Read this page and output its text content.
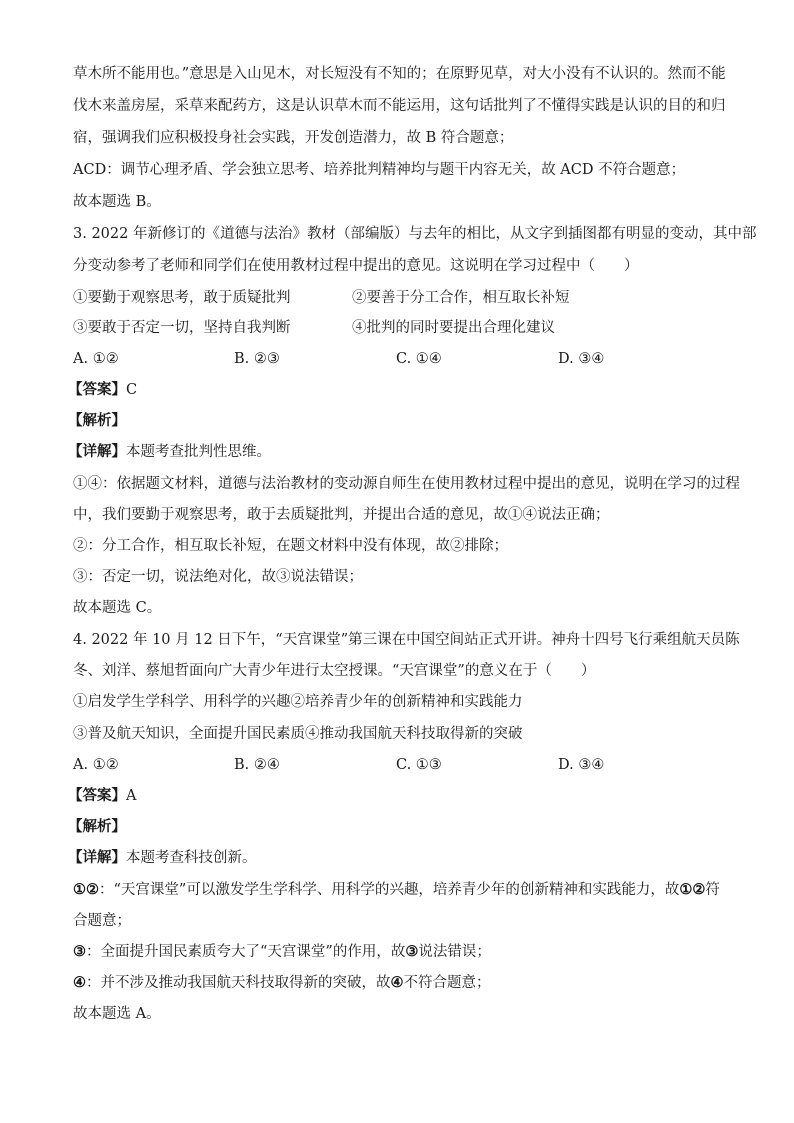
草木所不能用也。”意思是入山见木，对长短没有不知的；在原野见草，对大小没有不认识的。然而不能
伐木来盖房屋，采草来配药方，这是认识草木而不能运用，这句话批判了不懂得实践是认识的目的和归
宿，强调我们应积极投身社会实践，开发创造潜力，故 B 符合题意；
ACD：调节心理矛盾、学会独立思考、培养批判精神均与题干内容无关，故 ACD 不符合题意；
故本题选 B。
3. 2022 年新修订的《道德与法治》教材（部编版）与去年的相比，从文字到插图都有明显的变动，其中部
分变动参考了老师和同学们在使用教材过程中提出的意见。这说明在学习过程中（　　）
①要勤于观察思考，敢于质疑批判	②要善于分工合作，相互取长补短
③要敢于否定一切，坚持自我判断	④批判的同时要提出合理化建议
A. ①②	B. ②③	C. ①④	D. ③④
【答案】C
【解析】
【详解】本题考查批判性思维。
①④：依据题文材料，道德与法治教材的变动源自师生在使用教材过程中提出的意见，说明在学习的过程
中，我们要勤于观察思考，敢于去质疑批判，并提出合适的意见，故①④说法正确；
②：分工合作，相互取长补短，在题文材料中没有体现，故②排除；
③：否定一切，说法绝对化，故③说法错误；
故本题选 C。
4. 2022 年 10 月 12 日下午，“天宫课堂”第三课在中国空间站正式开讲。神舟十四号飞行乘组航天员陈
冬、刘洋、蔡旭哲面向广大青少年进行太空授课。“天宫课堂”的意义在于（　　）
①启发学生学科学、用科学的兴趣②培养青少年的创新精神和实践能力
③普及航天知识，全面提升国民素质④推动我国航天科技取得新的突破
A. ①②	B. ②④	C. ①③	D. ③④
【答案】A
【解析】
【详解】本题考查科技创新。
①②：“天宫课堂”可以激发学生学科学、用科学的兴趣，培养青少年的创新精神和实践能力，故①②符
合题意；
③：全面提升国民素质夸大了“天宫课堂”的作用，故③说法错误；
④：并不涉及推动我国航天科技取得新的突破，故④不符合题意；
故本题选 A。
